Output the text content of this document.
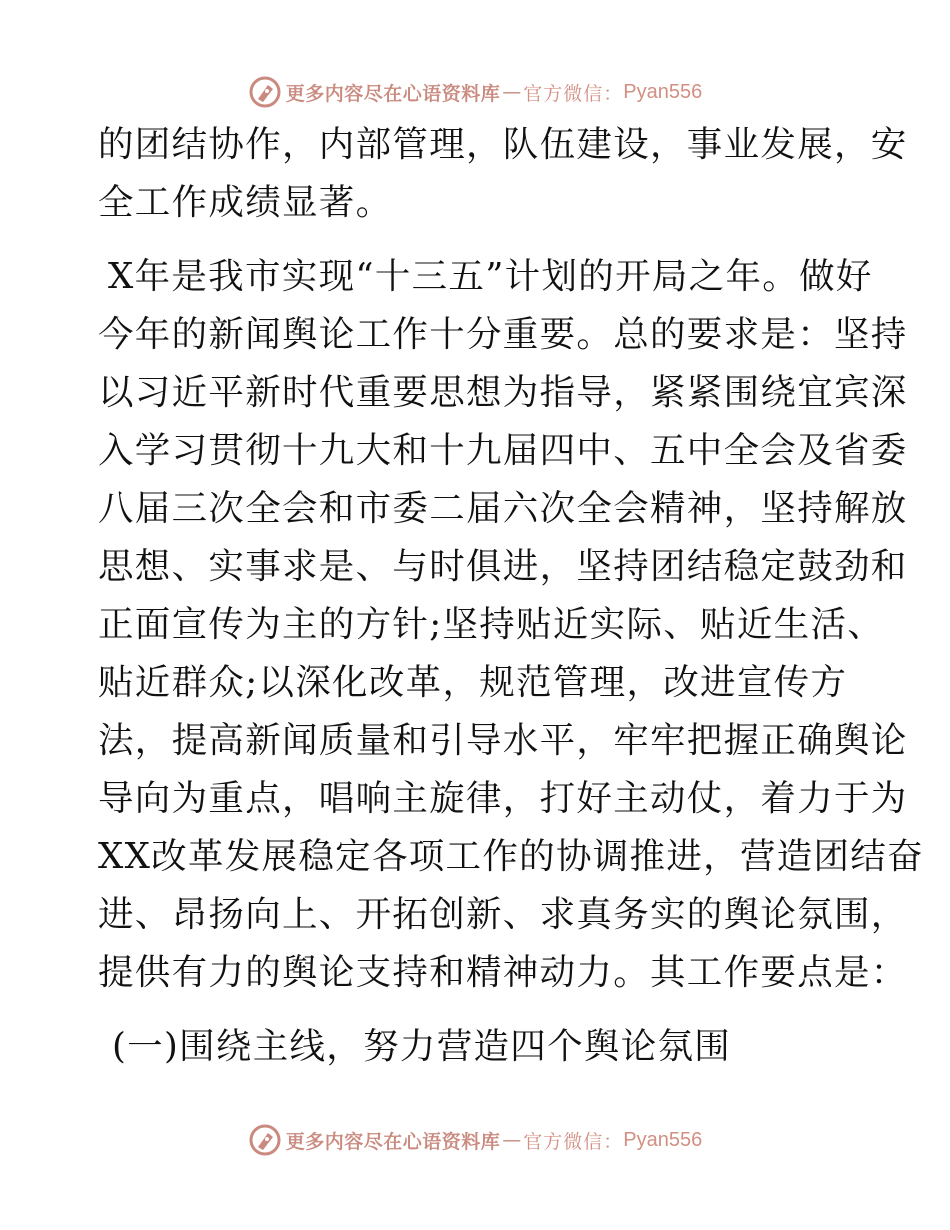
更多内容尽在心语资料库 — 官方微信： Pyan556
的团结协作，内部管理，队伍建设，事业发展，安
全工作成绩显著。
X年是我市实现“十三五”计划的开局之年。做好
今年的新闻舆论工作十分重要。总的要求是：坚持
以习近平新时代重要思想为指导，紧紧围绕宜宾深
入学习贯彻十九大和十九届四中、五中全会及省委
八届三次全会和市委二届六次全会精神，坚持解放
思想、实事求是、与时俱进，坚持团结稳定鼓劲和
正面宣传为主的方针;坚持贴近实际、贴近生活、
贴近群众;以深化改革，规范管理，改进宣传方
法，提高新闻质量和引导水平，牢牢把握正确舆论
导向为重点，唱响主旋律，打好主动仗，着力于为
XX改革发展稳定各项工作的协调推进，营造团结奋
进、昂扬向上、开拓创新、求真务实的舆论氛围，
提供有力的舆论支持和精神动力。其工作要点是：
(一)围绕主线，努力营造四个舆论氛围
更多内容尽在心语资料库 — 官方微信： Pyan556
